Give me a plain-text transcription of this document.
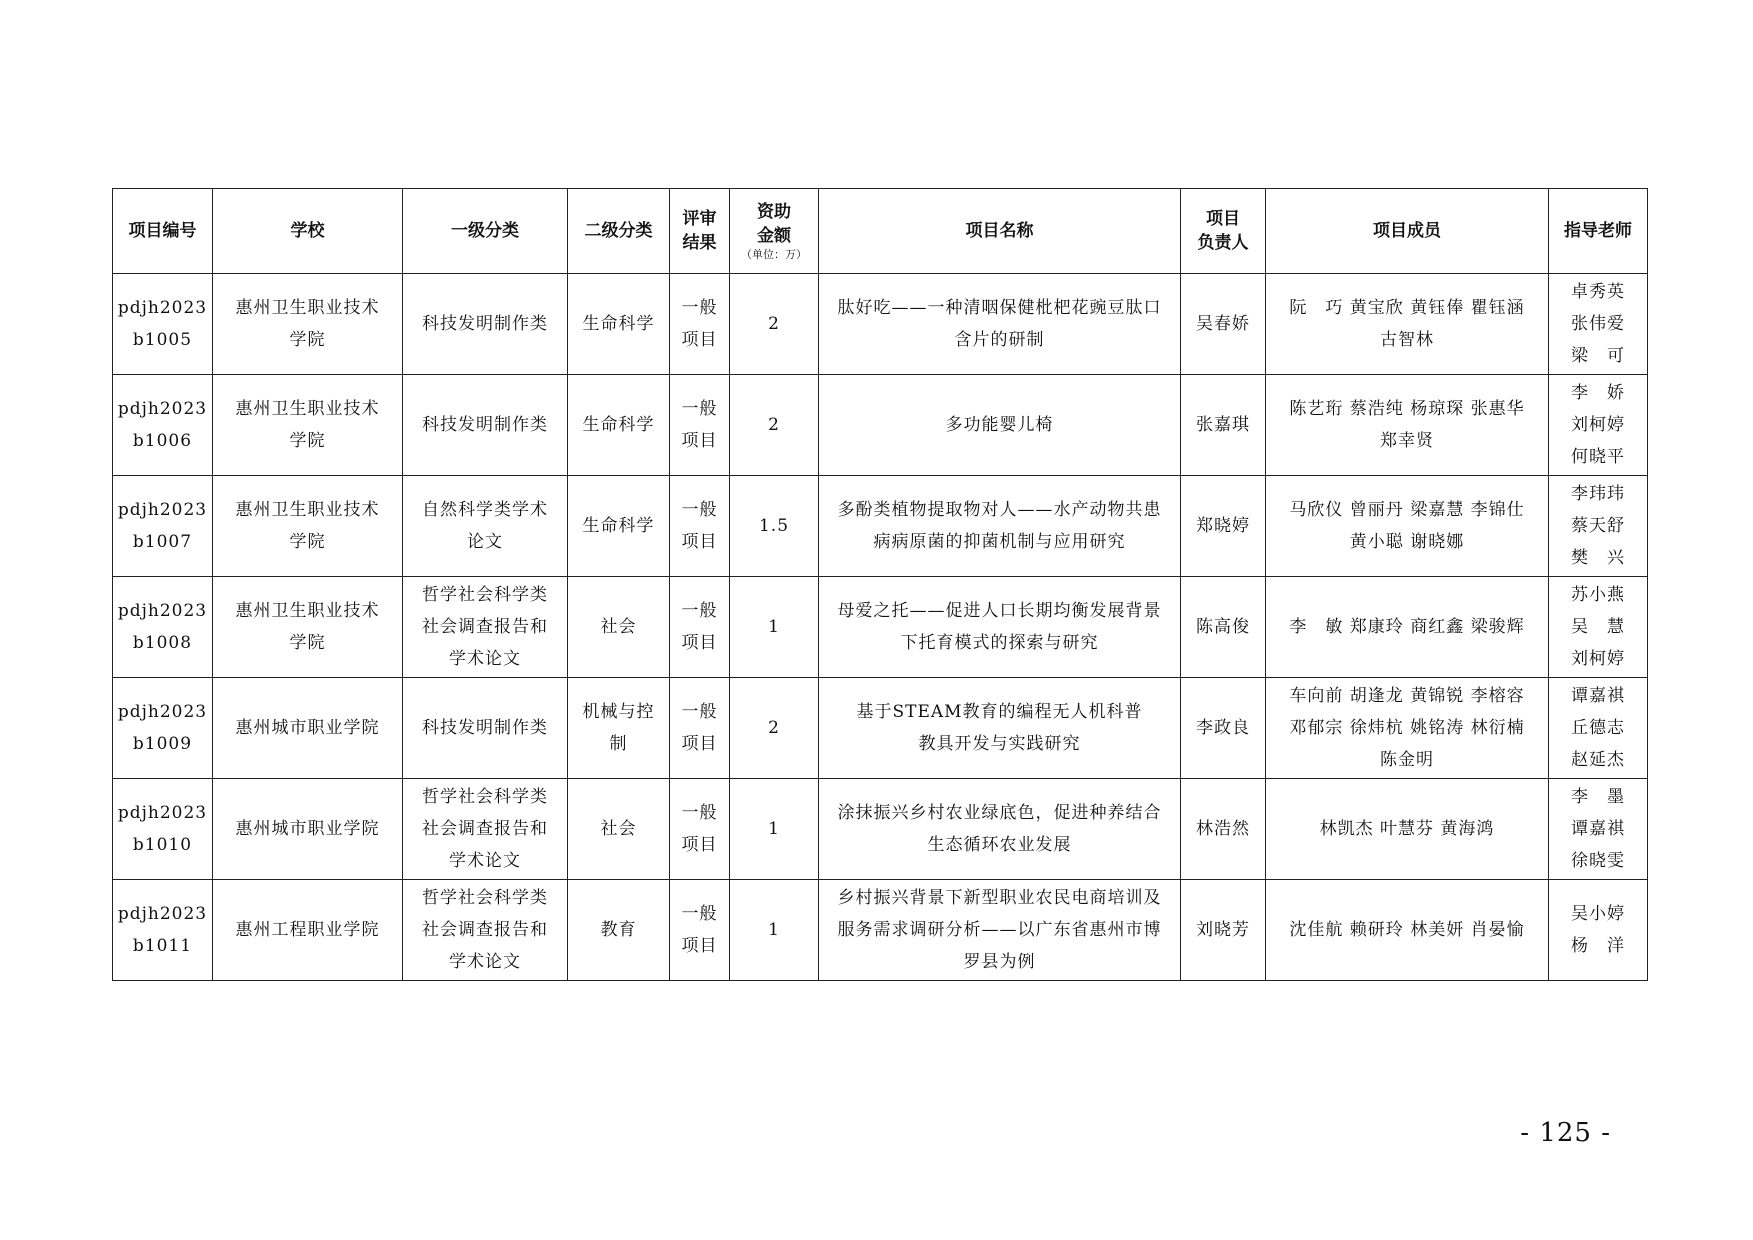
项目编号	学校	一级分类	二级分类	评审
结果	资助
金额
（单位：万）	项目名称	项目
负责人	项目成员	指导老师

pdjh2023
b1005	惠州卫生职业技术
学院	科技发明制作类	生命科学	一般
项目	2	肽好吃——一种清咽保健枇杷花豌豆肽口
含片的研制	吴春娇	阮　巧 黄宝欣 黄钰俸 瞿钰涵
古智林	卓秀英
张伟爱
梁　可

pdjh2023
b1006	惠州卫生职业技术
学院	科技发明制作类	生命科学	一般
项目	2	多功能婴儿椅	张嘉琪	陈艺珩 蔡浩纯 杨琼琛 张惠华
郑幸贤	李　娇
刘柯婷
何晓平

pdjh2023
b1007	惠州卫生职业技术
学院	自然科学类学术
论文	生命科学	一般
项目	1.5	多酚类植物提取物对人——水产动物共患
病病原菌的抑菌机制与应用研究	郑晓婷	马欣仪 曾丽丹 梁嘉慧 李锦仕
黄小聪 谢晓娜	李玮玮
蔡天舒
樊　兴

pdjh2023
b1008	惠州卫生职业技术
学院	哲学社会科学类
社会调查报告和
学术论文	社会	一般
项目	1	母爱之托——促进人口长期均衡发展背景
下托育模式的探索与研究	陈高俊	李　敏 郑康玲 商红鑫 梁骏辉	苏小燕
吴　慧
刘柯婷

pdjh2023
b1009	惠州城市职业学院	科技发明制作类	机械与控
制	一般
项目	2	基于STEAM教育的编程无人机科普
教具开发与实践研究	李政良	车向前 胡逢龙 黄锦锐 李榕容
邓郁宗 徐炜杭 姚铭涛 林衍楠
陈金明	谭嘉祺
丘德志
赵延杰

pdjh2023
b1010	惠州城市职业学院	哲学社会科学类
社会调查报告和
学术论文	社会	一般
项目	1	涂抹振兴乡村农业绿底色，促进种养结合
生态循环农业发展	林浩然	林凯杰 叶慧芬 黄海鸿	李　墨
谭嘉祺
徐晓雯

pdjh2023
b1011	惠州工程职业学院	哲学社会科学类
社会调查报告和
学术论文	教育	一般
项目	1	乡村振兴背景下新型职业农民电商培训及
服务需求调研分析——以广东省惠州市博
罗县为例	刘晓芳	沈佳航 赖研玲 林美妍 肖晏愉	吴小婷
杨　洋
- 125 -
